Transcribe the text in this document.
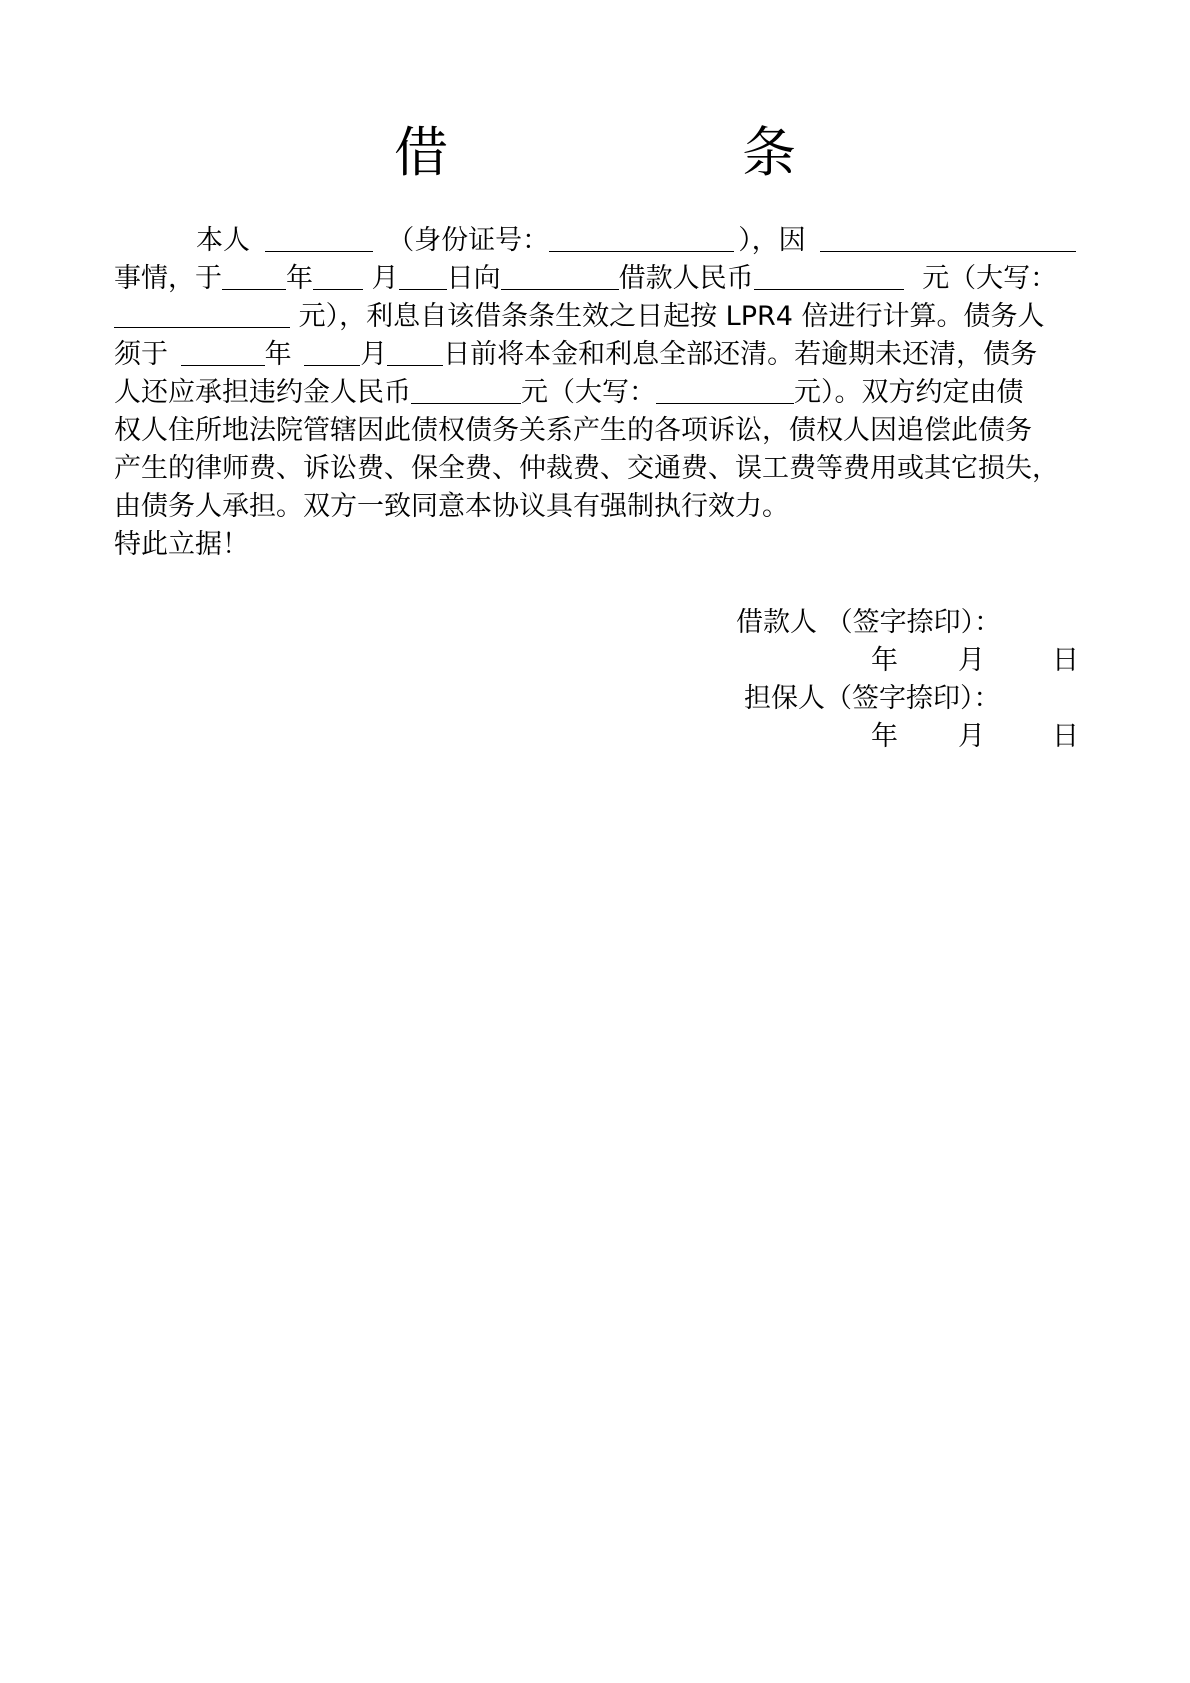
借　　条
本人	（身份证号：	），因
事情，于 年 月 日向	借款人民币	元（大写：
元），利息自该借条条生效之日起按 LPR4 倍进行计算。债务人
须于	年	月 日前将本金和利息全部还清。若逾期未还清，债务
人还应承担违约金人民币	元（大写：	元）。双方约定由债
权人住所地法院管辖因此债权债务关系产生的各项诉讼，债权人因追偿此债务
产生的律师费、诉讼费、保全费、仲裁费、交通费、误工费等费用或其它损失，
由债务人承担。双方一致同意本协议具有强制执行效力。
特此立据！
借款人 （签字捺印）：
年 月 日
担保人（签字捺印）：
年 月 日
